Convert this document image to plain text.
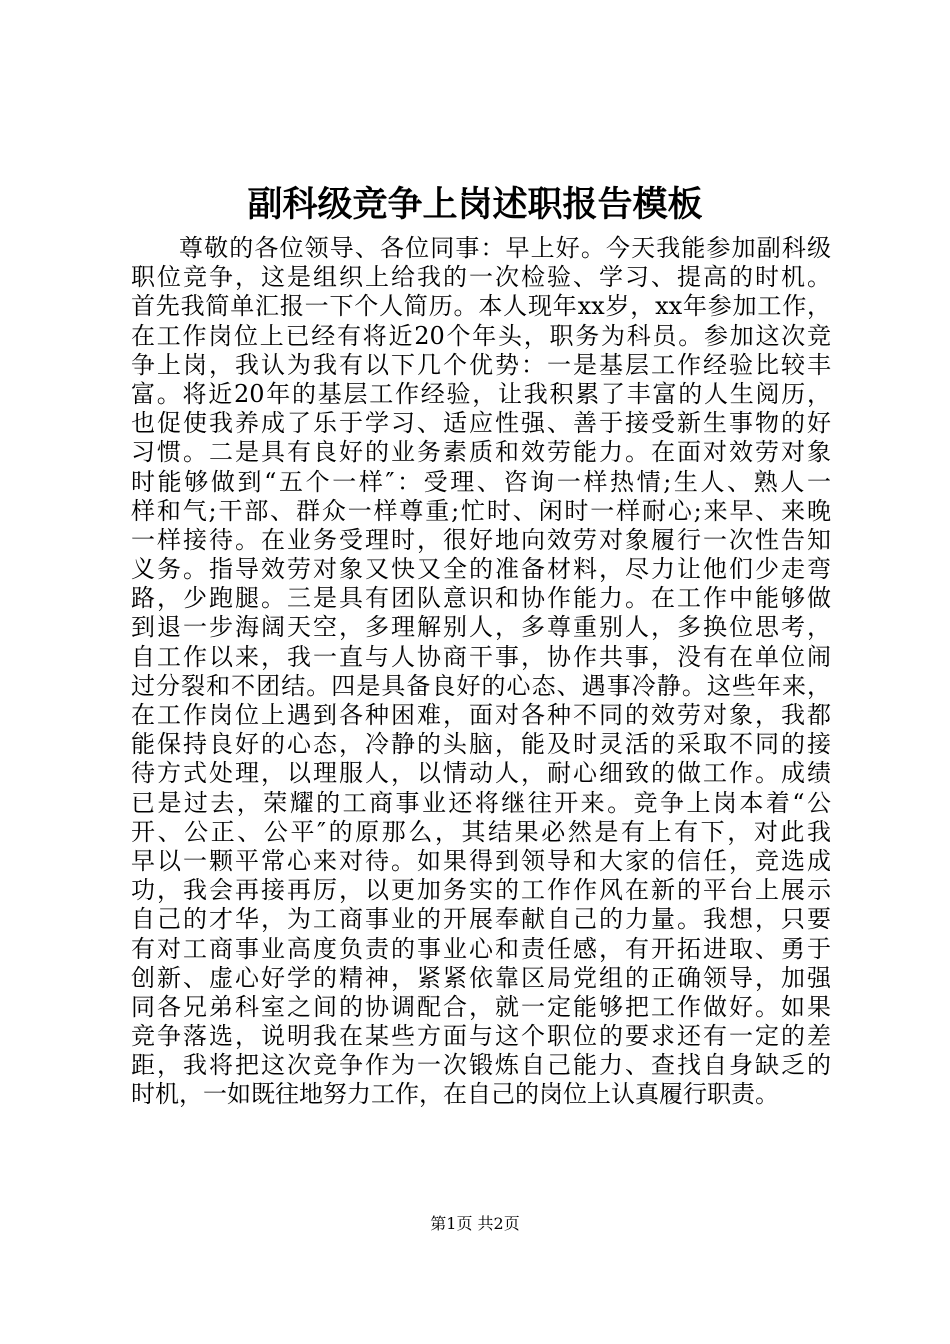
副科级竞争上岗述职报告模板
尊敬的各位领导、各位同事：早上好。今天我能参加副科级
职位竞争，这是组织上给我的一次检验、学习、提高的时机。
首先我简单汇报一下个人简历。本人现年xx岁，xx年参加工作，
在工作岗位上已经有将近20个年头，职务为科员。参加这次竞
争上岗，我认为我有以下几个优势：一是基层工作经验比较丰
富。将近20年的基层工作经验，让我积累了丰富的人生阅历，
也促使我养成了乐于学习、适应性强、善于接受新生事物的好
习惯。二是具有良好的业务素质和效劳能力。在面对效劳对象
时能够做到“五个一样″：受理、咨询一样热情;生人、熟人一
样和气;干部、群众一样尊重;忙时、闲时一样耐心;来早、来晚
一样接待。在业务受理时，很好地向效劳对象履行一次性告知
义务。指导效劳对象又快又全的准备材料，尽力让他们少走弯
路，少跑腿。三是具有团队意识和协作能力。在工作中能够做
到退一步海阔天空，多理解别人，多尊重别人，多换位思考，
自工作以来，我一直与人协商干事，协作共事，没有在单位闹
过分裂和不团结。四是具备良好的心态、遇事冷静。这些年来，
在工作岗位上遇到各种困难，面对各种不同的效劳对象，我都
能保持良好的心态，冷静的头脑，能及时灵活的采取不同的接
待方式处理，以理服人，以情动人，耐心细致的做工作。成绩
已是过去，荣耀的工商事业还将继往开来。竞争上岗本着“公
开、公正、公平″的原那么，其结果必然是有上有下，对此我
早以一颗平常心来对待。如果得到领导和大家的信任，竞选成
功，我会再接再厉，以更加务实的工作作风在新的平台上展示
自己的才华，为工商事业的开展奉献自己的力量。我想，只要
有对工商事业高度负责的事业心和责任感，有开拓进取、勇于
创新、虚心好学的精神，紧紧依靠区局党组的正确领导，加强
同各兄弟科室之间的协调配合，就一定能够把工作做好。如果
竞争落选，说明我在某些方面与这个职位的要求还有一定的差
距，我将把这次竞争作为一次锻炼自己能力、查找自身缺乏的
时机，一如既往地努力工作，在自己的岗位上认真履行职责。
第1页 共2页
